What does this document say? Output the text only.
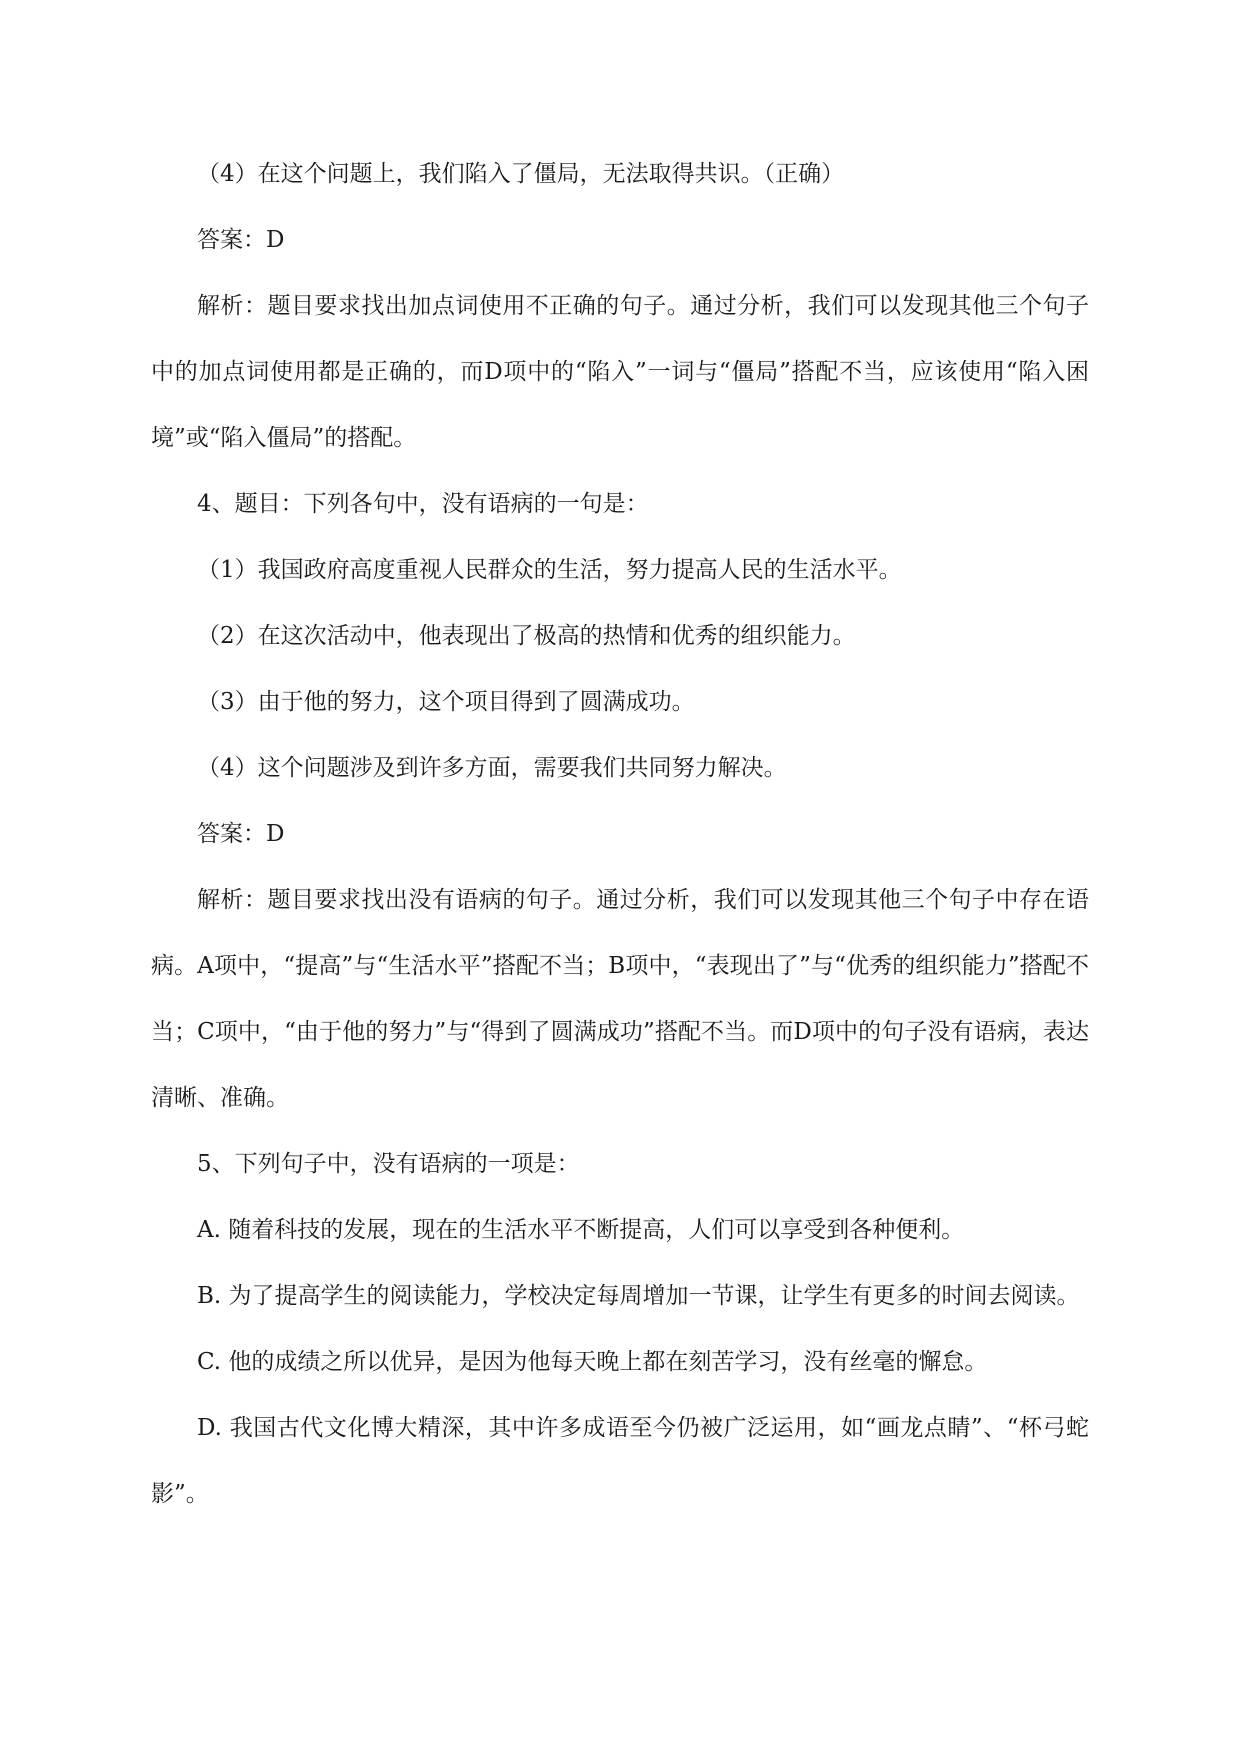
（4）在这个问题上，我们陷入了僵局，无法取得共识。（正确）

答案：D

解析：题目要求找出加点词使用不正确的句子。通过分析，我们可以发现其他三个句子中的加点词使用都是正确的，而D项中的“陷入”一词与“僵局”搭配不当，应该使用“陷入困境”或“陷入僵局”的搭配。

4、题目：下列各句中，没有语病的一句是：

（1）我国政府高度重视人民群众的生活，努力提高人民的生活水平。

（2）在这次活动中，他表现出了极高的热情和优秀的组织能力。

（3）由于他的努力，这个项目得到了圆满成功。

（4）这个问题涉及到许多方面，需要我们共同努力解决。

答案：D

解析：题目要求找出没有语病的句子。通过分析，我们可以发现其他三个句子中存在语病。A项中，“提高”与“生活水平”搭配不当；B项中，“表现出了”与“优秀的组织能力”搭配不当；C项中，“由于他的努力”与“得到了圆满成功”搭配不当。而D项中的句子没有语病，表达清晰、准确。

5、下列句子中，没有语病的一项是：

A. 随着科技的发展，现在的生活水平不断提高，人们可以享受到各种便利。

B. 为了提高学生的阅读能力，学校决定每周增加一节课，让学生有更多的时间去阅读。

C. 他的成绩之所以优异，是因为他每天晚上都在刻苦学习，没有丝毫的懈怠。

D. 我国古代文化博大精深，其中许多成语至今仍被广泛运用，如“画龙点睛”、“杯弓蛇影”。
